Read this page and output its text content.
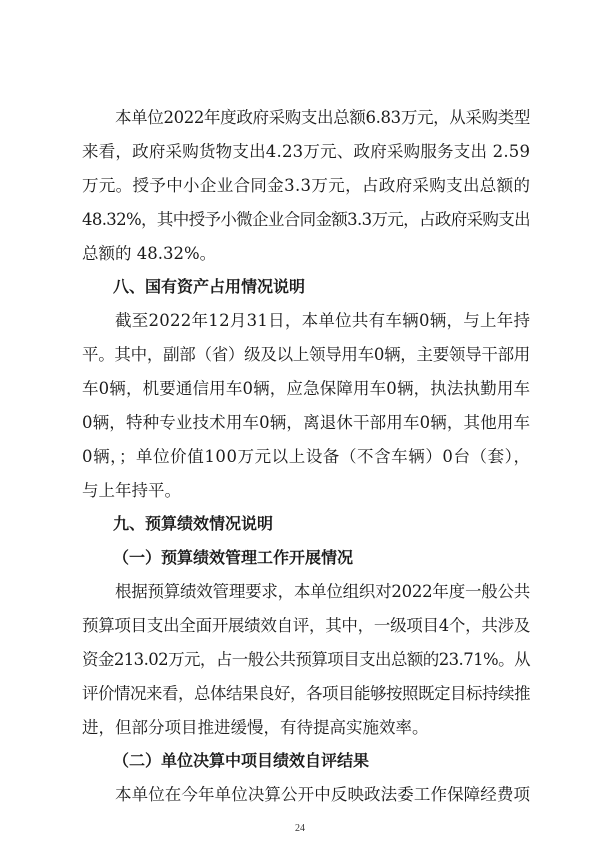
本单位2022年度政府采购支出总额6.83万元，从采购类型
来看，政府采购货物支出4.23万元、政府采购服务支出 2.59
万元。授予中小企业合同金3.3万元，占政府采购支出总额的
48.32%，其中授予小微企业合同金额3.3万元，占政府采购支出
总额的 48.32%。
八、国有资产占用情况说明
截至2022年12月31日，本单位共有车辆0辆，与上年持
平。其中，副部（省）级及以上领导用车0辆，主要领导干部用
车0辆，机要通信用车0辆，应急保障用车0辆，执法执勤用车
0辆，特种专业技术用车0辆，离退休干部用车0辆，其他用车
0辆，；单位价值100万元以上设备（不含车辆）0台（套），
与上年持平。
九、预算绩效情况说明
（一）预算绩效管理工作开展情况
根据预算绩效管理要求，本单位组织对2022年度一般公共
预算项目支出全面开展绩效自评，其中，一级项目4个，共涉及
资金213.02万元，占一般公共预算项目支出总额的23.71%。从
评价情况来看，总体结果良好，各项目能够按照既定目标持续推
进，但部分项目推进缓慢，有待提高实施效率。
（二）单位决算中项目绩效自评结果
本单位在今年单位决算公开中反映政法委工作保障经费项
24
